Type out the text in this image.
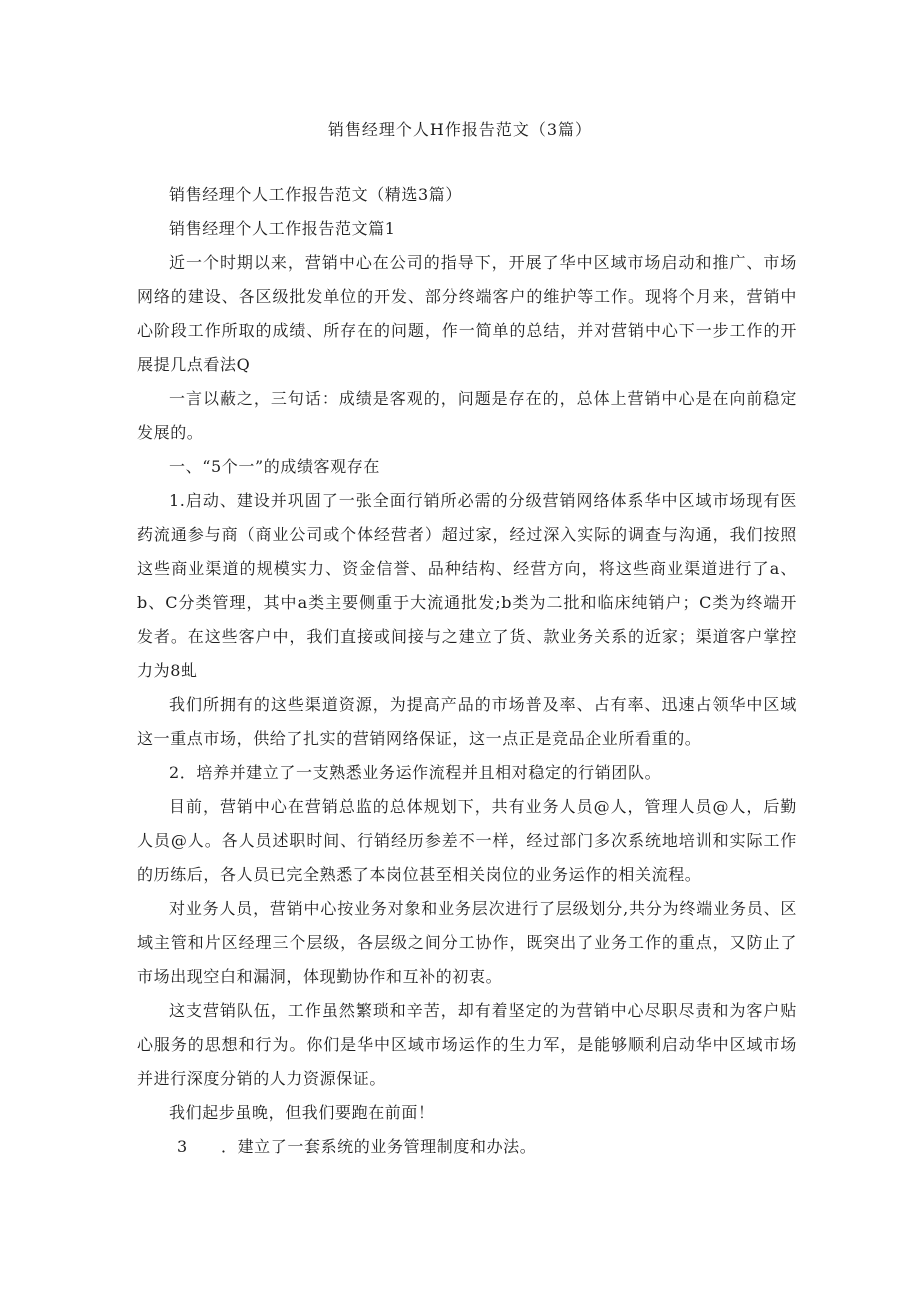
销售经理个人H作报告范文（3篇）

销售经理个人工作报告范文（精选3篇）

销售经理个人工作报告范文篇1

近一个时期以来，营销中心在公司的指导下，开展了华中区域市场启动和推广、市场网络的建设、各区级批发单位的开发、部分终端客户的维护等工作。现将个月来，营销中心阶段工作所取的成绩、所存在的问题，作一简单的总结，并对营销中心下一步工作的开展提几点看法Q

一言以蔽之，三句话：成绩是客观的，问题是存在的，总体上营销中心是在向前稳定发展的。

一、“5个一”的成绩客观存在

1.启动、建设并巩固了一张全面行销所必需的分级营销网络体系华中区域市场现有医药流通参与商（商业公司或个体经营者）超过家，经过深入实际的调查与沟通，我们按照这些商业渠道的规模实力、资金信誉、品种结构、经营方向，将这些商业渠道进行了a、b、C分类管理，其中a类主要侧重于大流通批发;b类为二批和临床纯销户；C类为终端开发者。在这些客户中，我们直接或间接与之建立了货、款业务关系的近家；渠道客户掌控力为8虬

我们所拥有的这些渠道资源，为提高产品的市场普及率、占有率、迅速占领华中区域这一重点市场，供给了扎实的营销网络保证，这一点正是竞品企业所看重的。

2．培养并建立了一支熟悉业务运作流程并且相对稳定的行销团队。

目前，营销中心在营销总监的总体规划下，共有业务人员@人，管理人员@人，后勤人员@人。各人员述职时间、行销经历参差不一样，经过部门多次系统地培训和实际工作的历练后，各人员已完全熟悉了本岗位甚至相关岗位的业务运作的相关流程。

对业务人员，营销中心按业务对象和业务层次进行了层级划分,共分为终端业务员、区域主管和片区经理三个层级，各层级之间分工协作，既突出了业务工作的重点，又防止了市场出现空白和漏洞，体现勤协作和互补的初衷。

这支营销队伍，工作虽然繁琐和辛苦，却有着坚定的为营销中心尽职尽责和为客户贴心服务的思想和行为。你们是华中区域市场运作的生力军，是能够顺利启动华中区域市场并进行深度分销的人力资源保证。

我们起步虽晚，但我们要跑在前面！

3　　．建立了一套系统的业务管理制度和办法。
